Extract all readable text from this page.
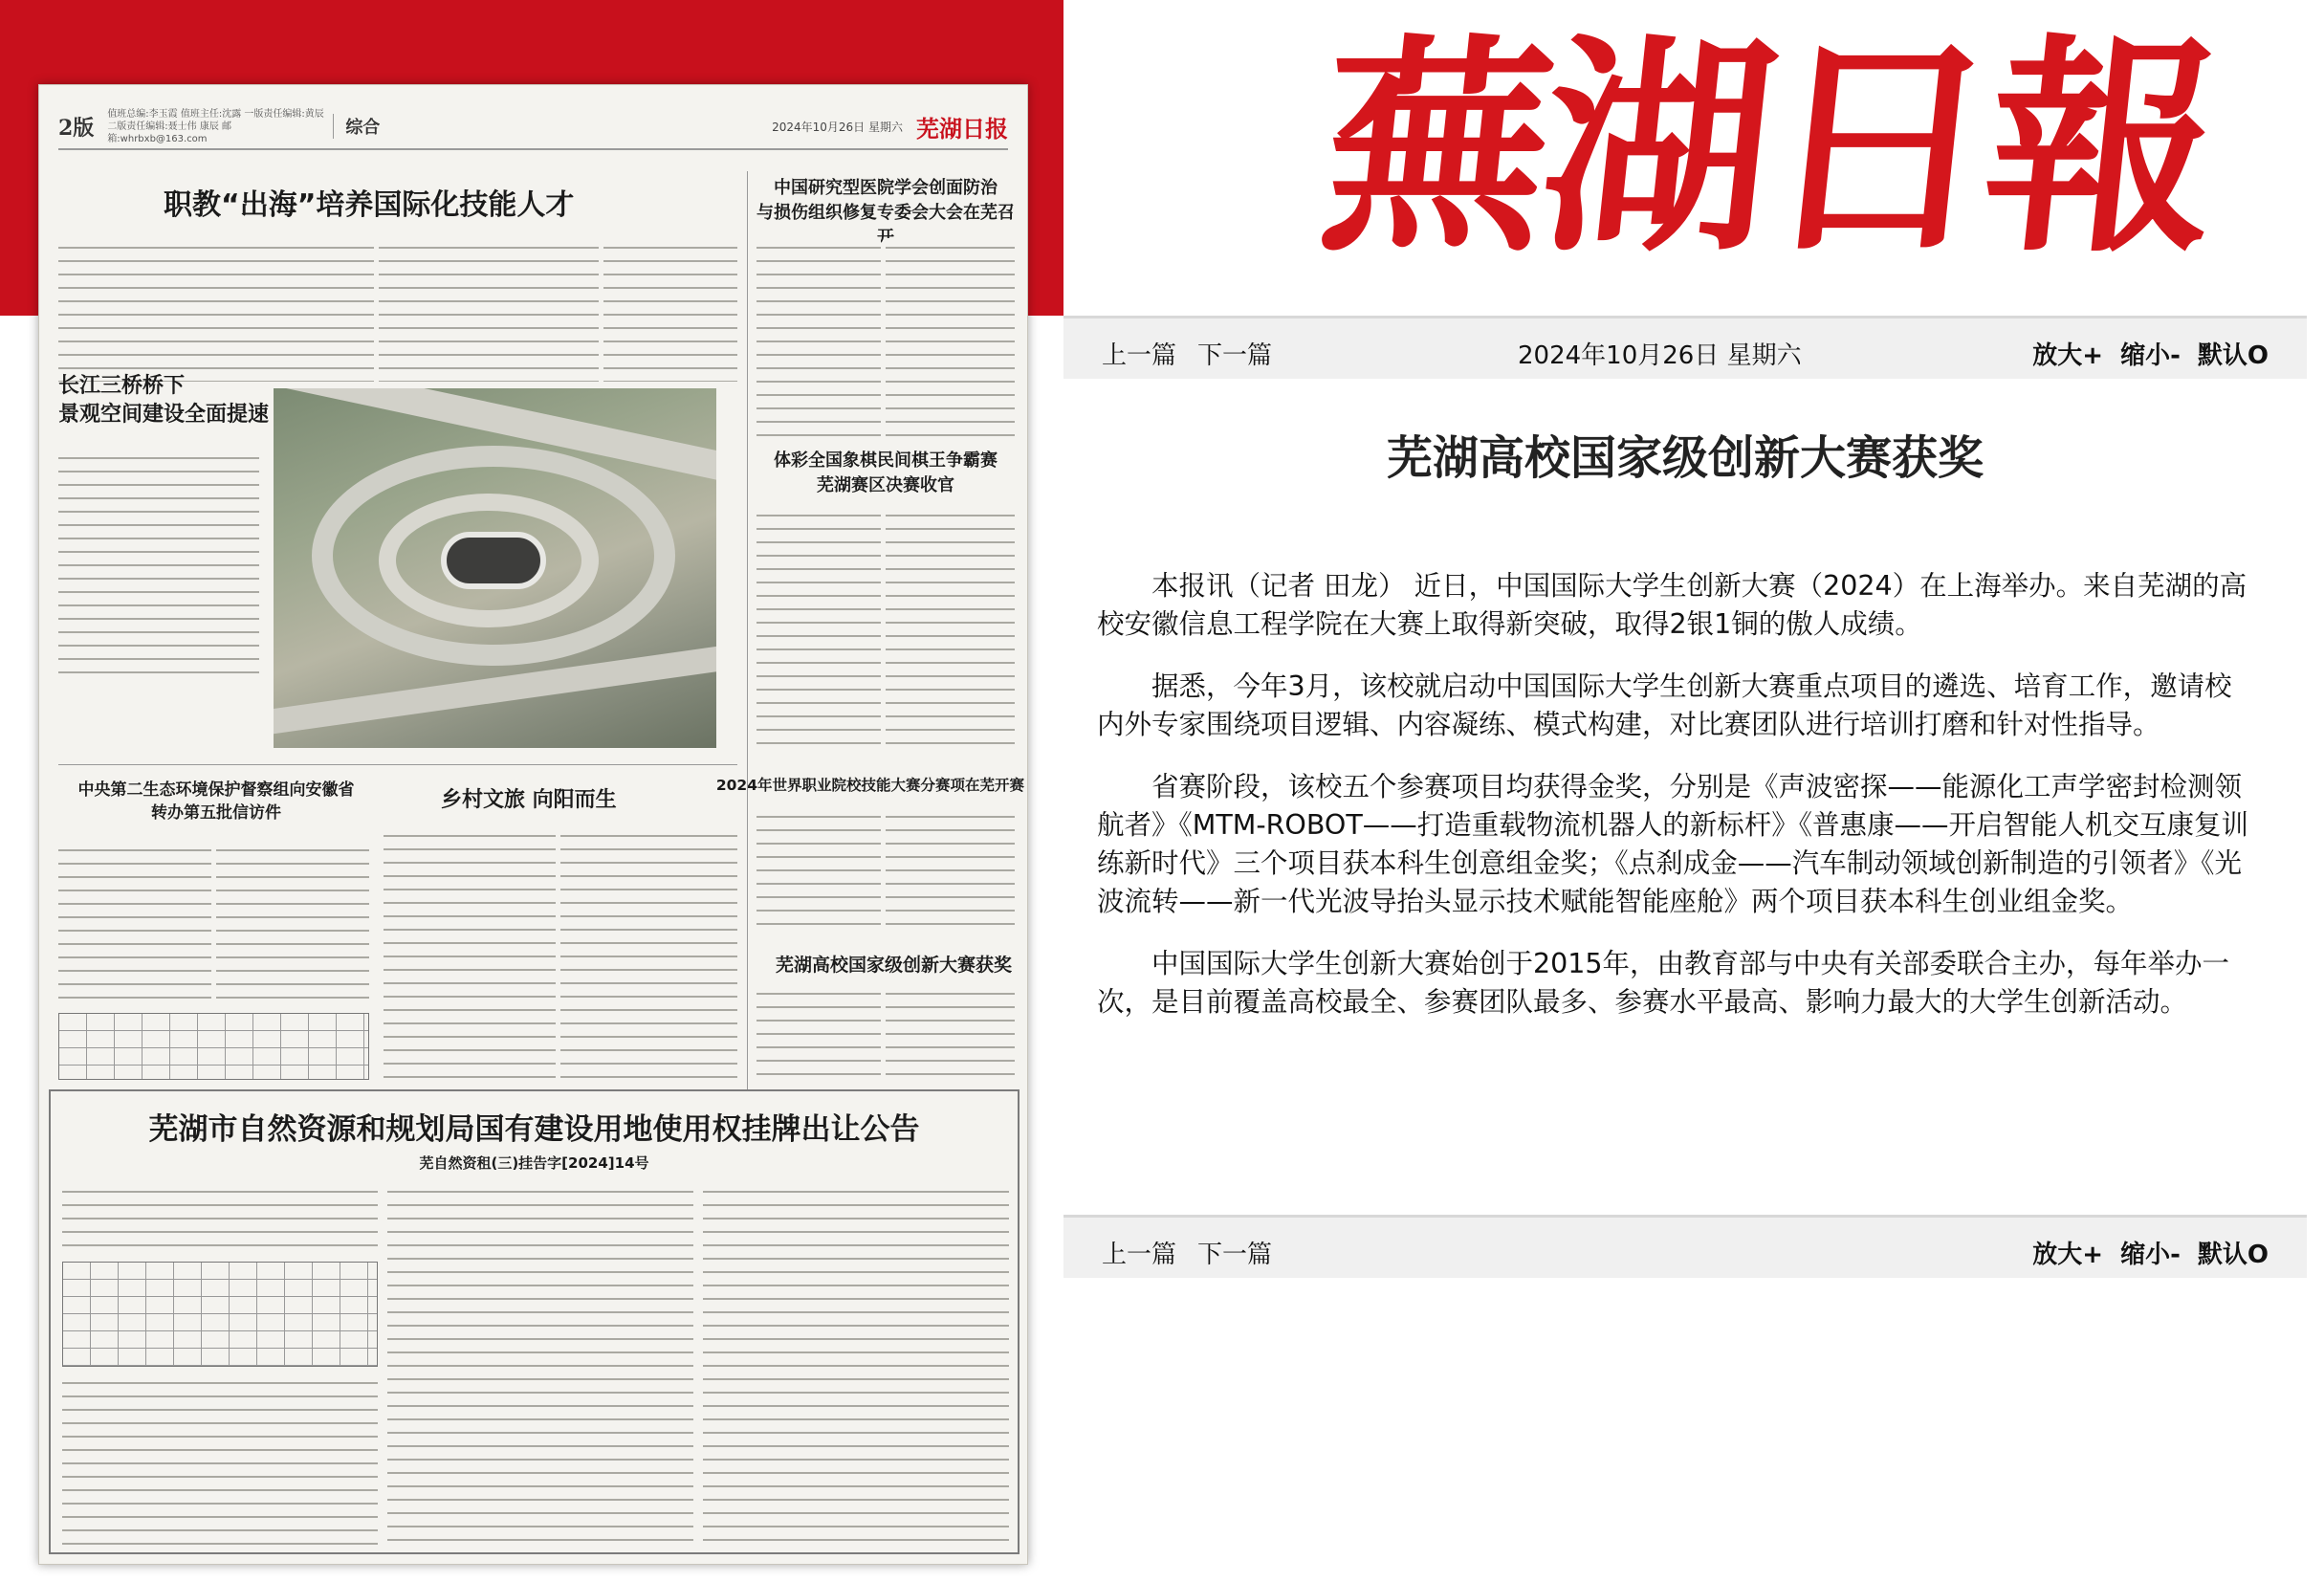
2版
值班总编:李玉霞 值班主任:沈露 一版责任编辑:黄辰 二版责任编辑:聂士伟 康辰 邮箱:whrbxb@163.com
综合	2024年10月26日 星期六 芜湖日报
职教“出海”培养国际化技能人才
中国研究型医院学会创面防治
与损伤组织修复专委会大会在芜召
长江三桥桥下
景观空间建设全面提速
体彩全国象棋民间棋王争霸赛
芜湖赛区决赛收官
中央第二生态环境保护督察组向安徽省
转办第五批信访件
乡村文旅 向阳而生
2024年世界职业院校技能大赛分赛项在芜开赛
芜湖高校国家级创新大赛获奖
芜湖市自然资源和规划局国有建设用地使用权挂牌出让公告
芜自然资租(三)挂告字[2024]14号
蕪湖日報
上一篇 下一篇	2024年10月26日 星期六	放大+ 缩小- 默认O
芜湖高校国家级创新大赛获奖

本报讯（记者 田龙） 近日，中国国际大学生创新大赛（2024）在上海举办。来自芜湖的高校安徽信息工程学院在大赛上取得新突破，取得2银1铜的傲人成绩。

据悉，今年3月，该校就启动中国国际大学生创新大赛重点项目的遴选、培育工作，邀请校内外专家围绕项目逻辑、内容凝练、模式构建，对比赛团队进行培训打磨和针对性指导。

省赛阶段，该校五个参赛项目均获得金奖，分别是《声波密探——能源化工声学密封检测领航者》《MTM-ROBOT——打造重载物流机器人的新标杆》《普惠康——开启智能人机交互康复训练新时代》三个项目获本科生创意组金奖；《点刹成金——汽车制动领域创新制造的引领者》《光波流转——新一代光波导抬头显示技术赋能智能座舱》两个项目获本科生创业组金奖。

中国国际大学生创新大赛始创于2015年，由教育部与中央有关部委联合主办，每年举办一次，是目前覆盖高校最全、参赛团队最多、参赛水平最高、影响力最大的大学生创新活动。

上一篇 下一篇	放大+ 缩小- 默认O
